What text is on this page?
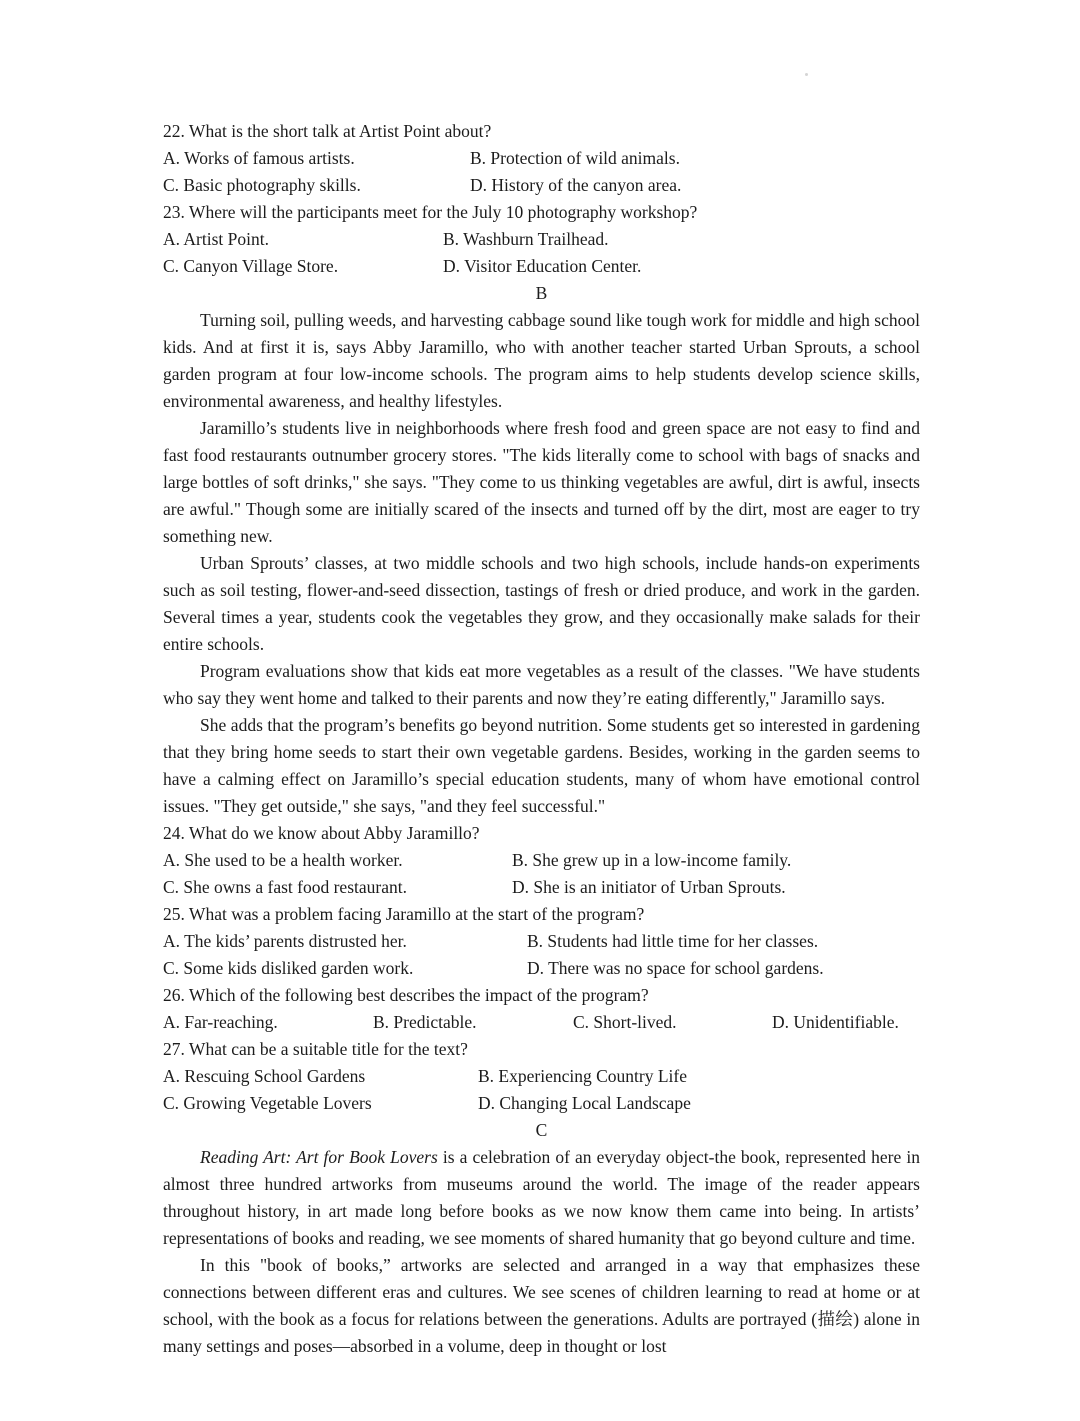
22. What is the short talk at Artist Point about?
A. Works of famous artists.	B. Protection of wild animals.
C. Basic photography skills.	D. History of the canyon area.
23. Where will the participants meet for the July 10 photography workshop?
A. Artist Point.	B. Washburn Trailhead.
C. Canyon Village Store.	D. Visitor Education Center.
B

Turning soil, pulling weeds, and harvesting cabbage sound like tough work for middle and high school kids. And at first it is, says Abby Jaramillo, who with another teacher started Urban Sprouts, a school garden program at four low-income schools. The program aims to help students develop science skills, environmental awareness, and healthy lifestyles.

Jaramillo’s students live in neighborhoods where fresh food and green space are not easy to find and fast food restaurants outnumber grocery stores. "The kids literally come to school with bags of snacks and large bottles of soft drinks," she says. "They come to us thinking vegetables are awful, dirt is awful, insects are awful." Though some are initially scared of the insects and turned off by the dirt, most are eager to try something new.

Urban Sprouts’ classes, at two middle schools and two high schools, include hands-on experiments such as soil testing, flower-and-seed dissection, tastings of fresh or dried produce, and work in the garden. Several times a year, students cook the vegetables they grow, and they occasionally make salads for their entire schools.

Program evaluations show that kids eat more vegetables as a result of the classes. "We have students who say they went home and talked to their parents and now they’re eating differently," Jaramillo says.

She adds that the program’s benefits go beyond nutrition. Some students get so interested in gardening that they bring home seeds to start their own vegetable gardens. Besides, working in the garden seems to have a calming effect on Jaramillo’s special education students, many of whom have emotional control issues. "They get outside," she says, "and they feel successful."

24. What do we know about Abby Jaramillo?
A. She used to be a health worker.	B. She grew up in a low-income family.
C. She owns a fast food restaurant.	D. She is an initiator of Urban Sprouts.
25. What was a problem facing Jaramillo at the start of the program?
A. The kids’ parents distrusted her.	B. Students had little time for her classes.
C. Some kids disliked garden work.	D. There was no space for school gardens.
26. Which of the following best describes the impact of the program?
A. Far-reaching.	B. Predictable.	C. Short-lived.	D. Unidentifiable.
27. What can be a suitable title for the text?
A. Rescuing School Gardens	B. Experiencing Country Life
C. Growing Vegetable Lovers	D. Changing Local Landscape
C

Reading Art: Art for Book Lovers is a celebration of an everyday object-the book, represented here in almost three hundred artworks from museums around the world. The image of the reader appears throughout history, in art made long before books as we now know them came into being. In artists’ representations of books and reading, we see moments of shared humanity that go beyond culture and time.

In this "book of books,” artworks are selected and arranged in a way that emphasizes these connections between different eras and cultures. We see scenes of children learning to read at home or at school, with the book as a focus for relations between the generations. Adults are portrayed (描绘) alone in many settings and poses—absorbed in a volume, deep in thought or lost
